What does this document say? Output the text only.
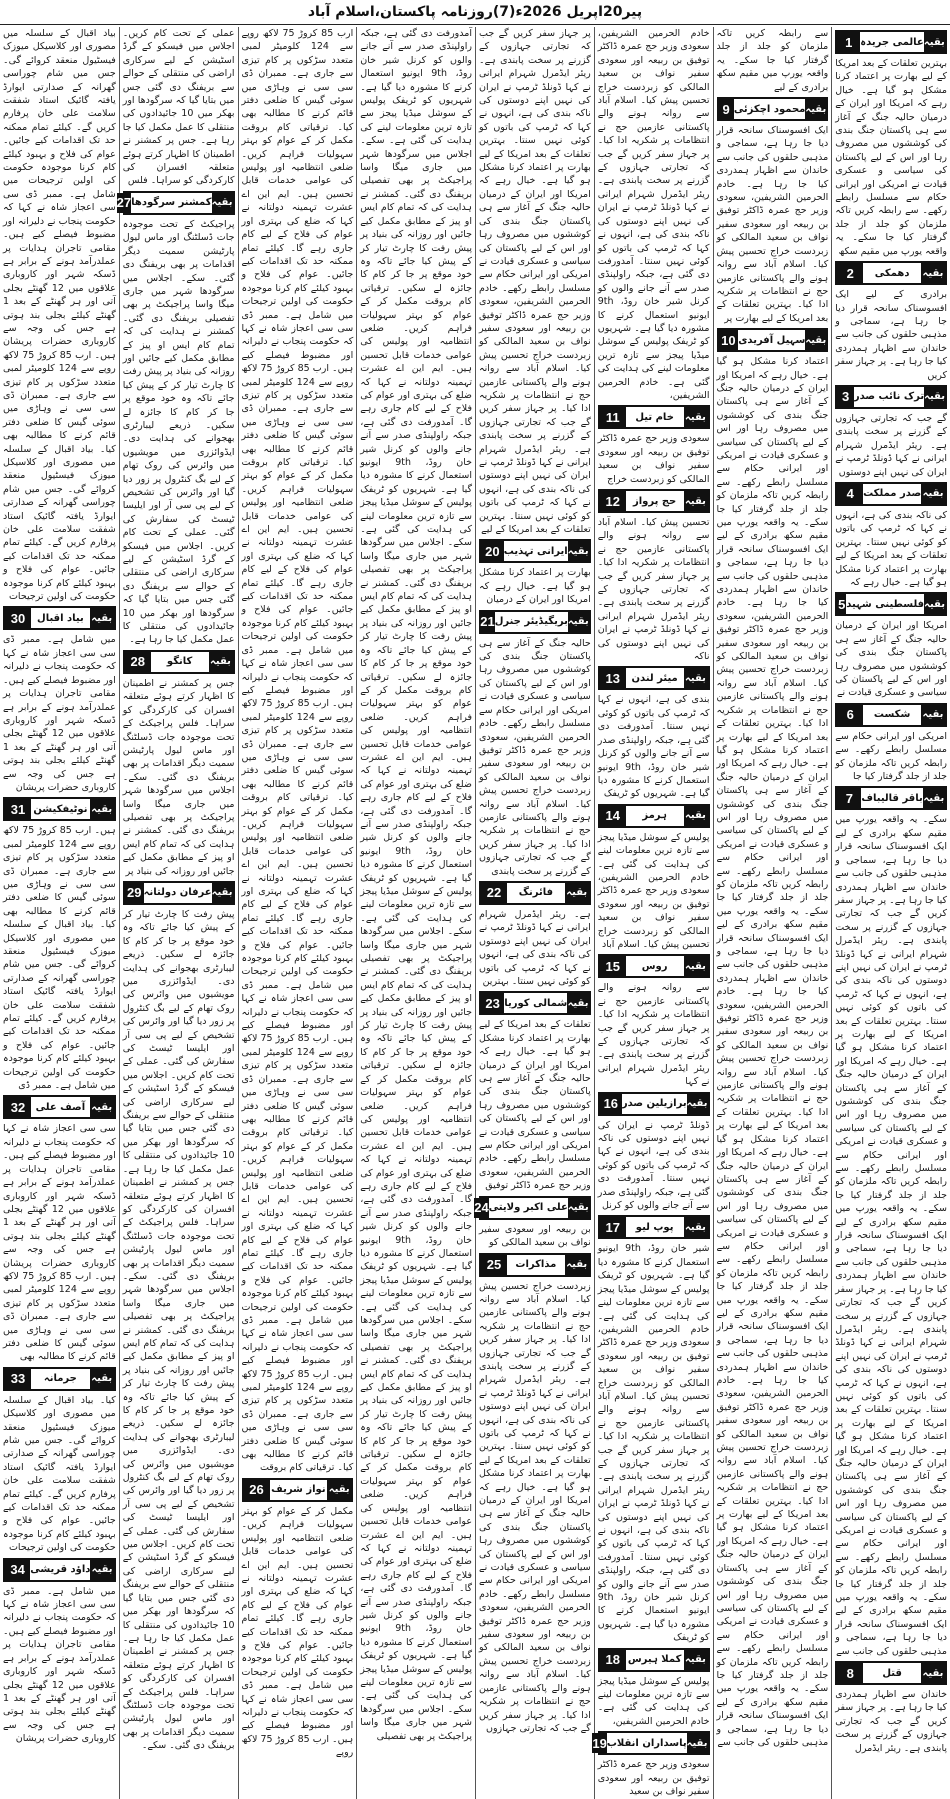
پیر20اپریل 2026ء(7)روزنامہ پاکستان،اسلام آباد
بقیہ
عالمی جریدہ
1
بہترین تعلقات کے بعد امریکا کے لیے بھارت پر اعتماد کرنا مشکل ہو گیا ہے۔ خیال رہے کہ امریکا اور ایران کے درمیان حالیہ جنگ کے آغاز سے ہی پاکستان جنگ بندی کی کوششوں میں مصروف رہا اور اس کے لیے پاکستان کی سیاسی و عسکری قیادت نے امریکی اور ایرانی حکام سے مسلسل رابطے رکھے۔ سے رابطہ کریں تاکہ ملزمان کو جلد از جلد گرفتار کیا جا سکے۔ یہ واقعہ یورپ میں مقیم سکھ
بقیہ
دھمکی
2
برادری کے لیے ایک افسوسناک سانحہ قرار دیا جا رہا ہے، سماجی و مذہبی حلقوں کی جانب سے خاندان سے اظہار ہمدردی کیا جا رہا ہے۔ پر جہاز سفر کریں
بقیہ
ترک نائب صدر
3
گے جب کہ تجارتی جہازوں کے گزرنے پر سخت پابندی ہے۔ ریئر ایڈمرل شہرام ایرانی نے کہا ڈونلڈ ٹرمپ نے ایران کی نہیں اپنے دوستوں
بقیہ
صدر مملکت
4
کی ناکہ بندی کی ہے، انہوں نے کہا کہ ٹرمپ کی باتوں کو کوئی نہیں سنتا۔ بہترین تعلقات کے بعد امریکا کے لیے بھارت پر اعتماد کرنا مشکل ہو گیا ہے۔ خیال رہے کہ
بقیہ
فلسطینی شہید
5
امریکا اور ایران کے درمیان حالیہ جنگ کے آغاز سے ہی پاکستان جنگ بندی کی کوششوں میں مصروف رہا اور اس کے لیے پاکستان کی سیاسی و عسکری قیادت نے
بقیہ
شکست
6
امریکی اور ایرانی حکام سے مسلسل رابطے رکھے۔ سے رابطہ کریں تاکہ ملزمان کو جلد از جلد گرفتار کیا جا
بقیہ
باقر قالیباف
7
سکے۔ یہ واقعہ یورپ میں مقیم سکھ برادری کے لیے ایک افسوسناک سانحہ قرار دیا جا رہا ہے، سماجی و مذہبی حلقوں کی جانب سے خاندان سے اظہار ہمدردی کیا جا رہا ہے۔ پر جہاز سفر کریں گے جب کہ تجارتی جہازوں کے گزرنے پر سخت پابندی ہے۔ ریئر ایڈمرل شہرام ایرانی نے کہا ڈونلڈ ٹرمپ نے ایران کی نہیں اپنے دوستوں کی ناکہ بندی کی ہے، انہوں نے کہا کہ ٹرمپ کی باتوں کو کوئی نہیں سنتا۔ بہترین تعلقات کے بعد امریکا کے لیے بھارت پر اعتماد کرنا مشکل ہو گیا ہے۔ خیال رہے کہ امریکا اور ایران کے درمیان حالیہ جنگ کے آغاز سے ہی پاکستان جنگ بندی کی کوششوں میں مصروف رہا اور اس کے لیے پاکستان کی سیاسی و عسکری قیادت نے امریکی اور ایرانی حکام سے مسلسل رابطے رکھے۔ سے رابطہ کریں تاکہ ملزمان کو جلد از جلد گرفتار کیا جا سکے۔ یہ واقعہ یورپ میں مقیم سکھ برادری کے لیے ایک افسوسناک سانحہ قرار دیا جا رہا ہے، سماجی و مذہبی حلقوں کی جانب سے خاندان سے اظہار ہمدردی کیا جا رہا ہے۔ پر جہاز سفر کریں گے جب کہ تجارتی جہازوں کے گزرنے پر سخت پابندی ہے۔ ریئر ایڈمرل شہرام ایرانی نے کہا ڈونلڈ ٹرمپ نے ایران کی نہیں اپنے دوستوں کی ناکہ بندی کی ہے، انہوں نے کہا کہ ٹرمپ کی باتوں کو کوئی نہیں سنتا۔ بہترین تعلقات کے بعد امریکا کے لیے بھارت پر اعتماد کرنا مشکل ہو گیا ہے۔ خیال رہے کہ امریکا اور ایران کے درمیان حالیہ جنگ کے آغاز سے ہی پاکستان جنگ بندی کی کوششوں میں مصروف رہا اور اس کے لیے پاکستان کی سیاسی و عسکری قیادت نے امریکی اور ایرانی حکام سے مسلسل رابطے رکھے۔ سے رابطہ کریں تاکہ ملزمان کو جلد از جلد گرفتار کیا جا سکے۔ یہ واقعہ یورپ میں مقیم سکھ برادری کے لیے ایک افسوسناک سانحہ قرار دیا جا رہا ہے، سماجی و مذہبی حلقوں کی جانب سے
بقیہ
قتل
8
خاندان سے اظہار ہمدردی کیا جا رہا ہے۔ پر جہاز سفر کریں گے جب کہ تجارتی جہازوں کے گزرنے پر سخت پابندی ہے۔ ریئر ایڈمرل
سے رابطہ کریں تاکہ ملزمان کو جلد از جلد گرفتار کیا جا سکے۔ یہ واقعہ یورپ میں مقیم سکھ برادری کے لیے
بقیہ
محمود اچکزئی
9
ایک افسوسناک سانحہ قرار دیا جا رہا ہے، سماجی و مذہبی حلقوں کی جانب سے خاندان سے اظہار ہمدردی کیا جا رہا ہے۔ خادم الحرمین الشریفین، سعودی وزیر حج عمرہ ڈاکٹر توفیق بن ربیعہ اور سعودی سفیر نواف بن سعید المالکی کو زبردست خراج تحسین پیش کیا۔ اسلام آباد سے روانہ ہونے والے پاکستانی عازمین حج نے انتظامات پر شکریہ ادا کیا۔ بہترین تعلقات کے بعد امریکا کے لیے بھارت پر
بقیہ
سہیل آفریدی
10
اعتماد کرنا مشکل ہو گیا ہے۔ خیال رہے کہ امریکا اور ایران کے درمیان حالیہ جنگ کے آغاز سے ہی پاکستان جنگ بندی کی کوششوں میں مصروف رہا اور اس کے لیے پاکستان کی سیاسی و عسکری قیادت نے امریکی اور ایرانی حکام سے مسلسل رابطے رکھے۔ سے رابطہ کریں تاکہ ملزمان کو جلد از جلد گرفتار کیا جا سکے۔ یہ واقعہ یورپ میں مقیم سکھ برادری کے لیے ایک افسوسناک سانحہ قرار دیا جا رہا ہے، سماجی و مذہبی حلقوں کی جانب سے خاندان سے اظہار ہمدردی کیا جا رہا ہے۔ خادم الحرمین الشریفین، سعودی وزیر حج عمرہ ڈاکٹر توفیق بن ربیعہ اور سعودی سفیر نواف بن سعید المالکی کو زبردست خراج تحسین پیش کیا۔ اسلام آباد سے روانہ ہونے والے پاکستانی عازمین حج نے انتظامات پر شکریہ ادا کیا۔ بہترین تعلقات کے بعد امریکا کے لیے بھارت پر اعتماد کرنا مشکل ہو گیا ہے۔ خیال رہے کہ امریکا اور ایران کے درمیان حالیہ جنگ کے آغاز سے ہی پاکستان جنگ بندی کی کوششوں میں مصروف رہا اور اس کے لیے پاکستان کی سیاسی و عسکری قیادت نے امریکی اور ایرانی حکام سے مسلسل رابطے رکھے۔ سے رابطہ کریں تاکہ ملزمان کو جلد از جلد گرفتار کیا جا سکے۔ یہ واقعہ یورپ میں مقیم سکھ برادری کے لیے ایک افسوسناک سانحہ قرار دیا جا رہا ہے، سماجی و مذہبی حلقوں کی جانب سے خاندان سے اظہار ہمدردی کیا جا رہا ہے۔ خادم الحرمین الشریفین، سعودی وزیر حج عمرہ ڈاکٹر توفیق بن ربیعہ اور سعودی سفیر نواف بن سعید المالکی کو زبردست خراج تحسین پیش کیا۔ اسلام آباد سے روانہ ہونے والے پاکستانی عازمین حج نے انتظامات پر شکریہ ادا کیا۔ بہترین تعلقات کے بعد امریکا کے لیے بھارت پر اعتماد کرنا مشکل ہو گیا ہے۔ خیال رہے کہ امریکا اور ایران کے درمیان حالیہ جنگ کے آغاز سے ہی پاکستان جنگ بندی کی کوششوں میں مصروف رہا اور اس کے لیے پاکستان کی سیاسی و عسکری قیادت نے امریکی اور ایرانی حکام سے مسلسل رابطے رکھے۔ سے رابطہ کریں تاکہ ملزمان کو جلد از جلد گرفتار کیا جا سکے۔ یہ واقعہ یورپ میں مقیم سکھ برادری کے لیے ایک افسوسناک سانحہ قرار دیا جا رہا ہے، سماجی و مذہبی حلقوں کی جانب سے خاندان سے اظہار ہمدردی کیا جا رہا ہے۔ خادم الحرمین الشریفین، سعودی وزیر حج عمرہ ڈاکٹر توفیق بن ربیعہ اور سعودی سفیر نواف بن سعید المالکی کو زبردست خراج تحسین پیش کیا۔ اسلام آباد سے روانہ ہونے والے پاکستانی عازمین حج نے انتظامات پر شکریہ ادا کیا۔ بہترین تعلقات کے بعد امریکا کے لیے بھارت پر اعتماد کرنا مشکل ہو گیا ہے۔ خیال رہے کہ امریکا اور ایران کے درمیان حالیہ جنگ کے آغاز سے ہی پاکستان جنگ بندی کی کوششوں میں مصروف رہا اور اس کے لیے پاکستان کی سیاسی و عسکری قیادت نے امریکی اور ایرانی حکام سے مسلسل رابطے رکھے۔ سے رابطہ کریں تاکہ ملزمان کو جلد از جلد گرفتار کیا جا سکے۔ یہ واقعہ یورپ میں مقیم سکھ برادری کے لیے ایک افسوسناک سانحہ قرار دیا جا رہا ہے، سماجی و مذہبی حلقوں کی جانب سے
خادم الحرمین الشریفین، سعودی وزیر حج عمرہ ڈاکٹر توفیق بن ربیعہ اور سعودی سفیر نواف بن سعید المالکی کو زبردست خراج تحسین پیش کیا۔ اسلام آباد سے روانہ ہونے والے پاکستانی عازمین حج نے انتظامات پر شکریہ ادا کیا۔ پر جہاز سفر کریں گے جب کہ تجارتی جہازوں کے گزرنے پر سخت پابندی ہے۔ ریئر ایڈمرل شہرام ایرانی نے کہا ڈونلڈ ٹرمپ نے ایران کی نہیں اپنے دوستوں کی ناکہ بندی کی ہے، انہوں نے کہا کہ ٹرمپ کی باتوں کو کوئی نہیں سنتا۔ آمدورفت دی گئی ہے، جبکہ راولپنڈی صدر سے آنے جانے والوں کو کرنل شیر خان روڈ، 9th ایونیو استعمال کرنے کا مشورہ دیا گیا ہے۔ شہریوں کو ٹریفک پولیس کے سوشل میڈیا پیجز سے تازہ ترین معلومات لینے کی ہدایت کی گئی ہے۔ خادم الحرمین الشریفین،
بقیہ
خام تیل
11
سعودی وزیر حج عمرہ ڈاکٹر توفیق بن ربیعہ اور سعودی سفیر نواف بن سعید المالکی کو زبردست خراج
بقیہ
حج پرواز
12
تحسین پیش کیا۔ اسلام آباد سے روانہ ہونے والے پاکستانی عازمین حج نے انتظامات پر شکریہ ادا کیا۔ پر جہاز سفر کریں گے جب کہ تجارتی جہازوں کے گزرنے پر سخت پابندی ہے۔ ریئر ایڈمرل شہرام ایرانی نے کہا ڈونلڈ ٹرمپ نے ایران کی نہیں اپنے دوستوں کی ناکہ
بقیہ
میئر لندن
13
بندی کی ہے، انہوں نے کہا کہ ٹرمپ کی باتوں کو کوئی نہیں سنتا۔ آمدورفت دی گئی ہے، جبکہ راولپنڈی صدر سے آنے جانے والوں کو کرنل شیر خان روڈ، 9th ایونیو استعمال کرنے کا مشورہ دیا گیا ہے۔ شہریوں کو ٹریفک
بقیہ
ہرمز
14
پولیس کے سوشل میڈیا پیجز سے تازہ ترین معلومات لینے کی ہدایت کی گئی ہے۔ خادم الحرمین الشریفین، سعودی وزیر حج عمرہ ڈاکٹر توفیق بن ربیعہ اور سعودی سفیر نواف بن سعید المالکی کو زبردست خراج تحسین پیش کیا۔ اسلام آباد
بقیہ
روس
15
سے روانہ ہونے والے پاکستانی عازمین حج نے انتظامات پر شکریہ ادا کیا۔ پر جہاز سفر کریں گے جب کہ تجارتی جہازوں کے گزرنے پر سخت پابندی ہے۔ ریئر ایڈمرل شہرام ایرانی نے کہا
بقیہ
برازیلین صدر
16
ڈونلڈ ٹرمپ نے ایران کی نہیں اپنے دوستوں کی ناکہ بندی کی ہے، انہوں نے کہا کہ ٹرمپ کی باتوں کو کوئی نہیں سنتا۔ آمدورفت دی گئی ہے، جبکہ راولپنڈی صدر سے آنے جانے والوں کو کرنل
بقیہ
پوپ لیو
17
شیر خان روڈ، 9th ایونیو استعمال کرنے کا مشورہ دیا گیا ہے۔ شہریوں کو ٹریفک پولیس کے سوشل میڈیا پیجز سے تازہ ترین معلومات لینے کی ہدایت کی گئی ہے۔ خادم الحرمین الشریفین، سعودی وزیر حج عمرہ ڈاکٹر توفیق بن ربیعہ اور سعودی سفیر نواف بن سعید المالکی کو زبردست خراج تحسین پیش کیا۔ اسلام آباد سے روانہ ہونے والے پاکستانی عازمین حج نے انتظامات پر شکریہ ادا کیا۔ پر جہاز سفر کریں گے جب کہ تجارتی جہازوں کے گزرنے پر سخت پابندی ہے۔ ریئر ایڈمرل شہرام ایرانی نے کہا ڈونلڈ ٹرمپ نے ایران کی نہیں اپنے دوستوں کی ناکہ بندی کی ہے، انہوں نے کہا کہ ٹرمپ کی باتوں کو کوئی نہیں سنتا۔ آمدورفت دی گئی ہے، جبکہ راولپنڈی صدر سے آنے جانے والوں کو کرنل شیر خان روڈ، 9th ایونیو استعمال کرنے کا مشورہ دیا گیا ہے۔ شہریوں کو ٹریفک
بقیہ
کملا ہیرس
18
پولیس کے سوشل میڈیا پیجز سے تازہ ترین معلومات لینے کی ہدایت کی گئی ہے۔ خادم الحرمین الشریفین،
بقیہ
پاسداران انقلاب
19
سعودی وزیر حج عمرہ ڈاکٹر توفیق بن ربیعہ اور سعودی سفیر نواف بن سعید
پر جہاز سفر کریں گے جب کہ تجارتی جہازوں کے گزرنے پر سخت پابندی ہے۔ ریئر ایڈمرل شہرام ایرانی نے کہا ڈونلڈ ٹرمپ نے ایران کی نہیں اپنے دوستوں کی ناکہ بندی کی ہے، انہوں نے کہا کہ ٹرمپ کی باتوں کو کوئی نہیں سنتا۔ بہترین تعلقات کے بعد امریکا کے لیے بھارت پر اعتماد کرنا مشکل ہو گیا ہے۔ خیال رہے کہ امریکا اور ایران کے درمیان حالیہ جنگ کے آغاز سے ہی پاکستان جنگ بندی کی کوششوں میں مصروف رہا اور اس کے لیے پاکستان کی سیاسی و عسکری قیادت نے امریکی اور ایرانی حکام سے مسلسل رابطے رکھے۔ خادم الحرمین الشریفین، سعودی وزیر حج عمرہ ڈاکٹر توفیق بن ربیعہ اور سعودی سفیر نواف بن سعید المالکی کو زبردست خراج تحسین پیش کیا۔ اسلام آباد سے روانہ ہونے والے پاکستانی عازمین حج نے انتظامات پر شکریہ ادا کیا۔ پر جہاز سفر کریں گے جب کہ تجارتی جہازوں کے گزرنے پر سخت پابندی ہے۔ ریئر ایڈمرل شہرام ایرانی نے کہا ڈونلڈ ٹرمپ نے ایران کی نہیں اپنے دوستوں کی ناکہ بندی کی ہے، انہوں نے کہا کہ ٹرمپ کی باتوں کو کوئی نہیں سنتا۔ بہترین تعلقات کے بعد امریکا کے لیے
بقیہ
ایرانی تہذیب
20
بھارت پر اعتماد کرنا مشکل ہو گیا ہے۔ خیال رہے کہ امریکا اور ایران کے درمیان
بقیہ
بریگیڈیئر جنرل
21
حالیہ جنگ کے آغاز سے ہی پاکستان جنگ بندی کی کوششوں میں مصروف رہا اور اس کے لیے پاکستان کی سیاسی و عسکری قیادت نے امریکی اور ایرانی حکام سے مسلسل رابطے رکھے۔ خادم الحرمین الشریفین، سعودی وزیر حج عمرہ ڈاکٹر توفیق بن ربیعہ اور سعودی سفیر نواف بن سعید المالکی کو زبردست خراج تحسین پیش کیا۔ اسلام آباد سے روانہ ہونے والے پاکستانی عازمین حج نے انتظامات پر شکریہ ادا کیا۔ پر جہاز سفر کریں گے جب کہ تجارتی جہازوں کے گزرنے پر سخت پابندی
بقیہ
فائرنگ
22
ہے۔ ریئر ایڈمرل شہرام ایرانی نے کہا ڈونلڈ ٹرمپ نے ایران کی نہیں اپنے دوستوں کی ناکہ بندی کی ہے، انہوں نے کہا کہ ٹرمپ کی باتوں کو کوئی نہیں سنتا۔ بہترین
بقیہ
شمالی کوریا
23
تعلقات کے بعد امریکا کے لیے بھارت پر اعتماد کرنا مشکل ہو گیا ہے۔ خیال رہے کہ امریکا اور ایران کے درمیان حالیہ جنگ کے آغاز سے ہی پاکستان جنگ بندی کی کوششوں میں مصروف رہا اور اس کے لیے پاکستان کی سیاسی و عسکری قیادت نے امریکی اور ایرانی حکام سے مسلسل رابطے رکھے۔ خادم الحرمین الشریفین، سعودی وزیر حج عمرہ ڈاکٹر توفیق
بقیہ
علی اکبر ولایتی
24
بن ربیعہ اور سعودی سفیر نواف بن سعید المالکی کو
بقیہ
مذاکرات
25
زبردست خراج تحسین پیش کیا۔ اسلام آباد سے روانہ ہونے والے پاکستانی عازمین حج نے انتظامات پر شکریہ ادا کیا۔ پر جہاز سفر کریں گے جب کہ تجارتی جہازوں کے گزرنے پر سخت پابندی ہے۔ ریئر ایڈمرل شہرام ایرانی نے کہا ڈونلڈ ٹرمپ نے ایران کی نہیں اپنے دوستوں کی ناکہ بندی کی ہے، انہوں نے کہا کہ ٹرمپ کی باتوں کو کوئی نہیں سنتا۔ بہترین تعلقات کے بعد امریکا کے لیے بھارت پر اعتماد کرنا مشکل ہو گیا ہے۔ خیال رہے کہ امریکا اور ایران کے درمیان حالیہ جنگ کے آغاز سے ہی پاکستان جنگ بندی کی کوششوں میں مصروف رہا اور اس کے لیے پاکستان کی سیاسی و عسکری قیادت نے امریکی اور ایرانی حکام سے مسلسل رابطے رکھے۔ خادم الحرمین الشریفین، سعودی وزیر حج عمرہ ڈاکٹر توفیق بن ربیعہ اور سعودی سفیر نواف بن سعید المالکی کو زبردست خراج تحسین پیش کیا۔ اسلام آباد سے روانہ ہونے والے پاکستانی عازمین حج نے انتظامات پر شکریہ ادا کیا۔ پر جہاز سفر کریں گے جب کہ تجارتی جہازوں
آمدورفت دی گئی ہے، جبکہ راولپنڈی صدر سے آنے جانے والوں کو کرنل شیر خان روڈ، 9th ایونیو استعمال کرنے کا مشورہ دیا گیا ہے۔ شہریوں کو ٹریفک پولیس کے سوشل میڈیا پیجز سے تازہ ترین معلومات لینے کی ہدایت کی گئی ہے۔ سکے۔ اجلاس میں سرگودھا شہر میں جاری میگا واسا پراجیکٹ پر بھی تفصیلی بریفنگ دی گئی۔ کمشنر نے ہدایت کی کہ تمام کام ایس او پیز کے مطابق مکمل کیے جائیں اور روزانہ کی بنیاد پر پیش رفت کا چارٹ تیار کر کے پیش کیا جائے تاکہ وہ خود موقع پر جا کر کام کا جائزہ لے سکیں۔ ترقیاتی کام بروقت مکمل کر کے عوام کو بہتر سہولیات فراہم کریں۔ ضلعی انتظامیہ اور پولیس کی عوامی خدمات قابل تحسین ہیں۔ ایم این اے عشرت تہمینہ دولتانہ نے کہا کہ ضلع کی بہتری اور عوام کی فلاح کے لیے کام جاری رہے گا۔ آمدورفت دی گئی ہے، جبکہ راولپنڈی صدر سے آنے جانے والوں کو کرنل شیر خان روڈ، 9th ایونیو استعمال کرنے کا مشورہ دیا گیا ہے۔ شہریوں کو ٹریفک پولیس کے سوشل میڈیا پیجز سے تازہ ترین معلومات لینے کی ہدایت کی گئی ہے۔ سکے۔ اجلاس میں سرگودھا شہر میں جاری میگا واسا پراجیکٹ پر بھی تفصیلی بریفنگ دی گئی۔ کمشنر نے ہدایت کی کہ تمام کام ایس او پیز کے مطابق مکمل کیے جائیں اور روزانہ کی بنیاد پر پیش رفت کا چارٹ تیار کر کے پیش کیا جائے تاکہ وہ خود موقع پر جا کر کام کا جائزہ لے سکیں۔ ترقیاتی کام بروقت مکمل کر کے عوام کو بہتر سہولیات فراہم کریں۔ ضلعی انتظامیہ اور پولیس کی عوامی خدمات قابل تحسین ہیں۔ ایم این اے عشرت تہمینہ دولتانہ نے کہا کہ ضلع کی بہتری اور عوام کی فلاح کے لیے کام جاری رہے گا۔ آمدورفت دی گئی ہے، جبکہ راولپنڈی صدر سے آنے جانے والوں کو کرنل شیر خان روڈ، 9th ایونیو استعمال کرنے کا مشورہ دیا گیا ہے۔ شہریوں کو ٹریفک پولیس کے سوشل میڈیا پیجز سے تازہ ترین معلومات لینے کی ہدایت کی گئی ہے۔ سکے۔ اجلاس میں سرگودھا شہر میں جاری میگا واسا پراجیکٹ پر بھی تفصیلی بریفنگ دی گئی۔ کمشنر نے ہدایت کی کہ تمام کام ایس او پیز کے مطابق مکمل کیے جائیں اور روزانہ کی بنیاد پر پیش رفت کا چارٹ تیار کر کے پیش کیا جائے تاکہ وہ خود موقع پر جا کر کام کا جائزہ لے سکیں۔ ترقیاتی کام بروقت مکمل کر کے عوام کو بہتر سہولیات فراہم کریں۔ ضلعی انتظامیہ اور پولیس کی عوامی خدمات قابل تحسین ہیں۔ ایم این اے عشرت تہمینہ دولتانہ نے کہا کہ ضلع کی بہتری اور عوام کی فلاح کے لیے کام جاری رہے گا۔ آمدورفت دی گئی ہے، جبکہ راولپنڈی صدر سے آنے جانے والوں کو کرنل شیر خان روڈ، 9th ایونیو استعمال کرنے کا مشورہ دیا گیا ہے۔ شہریوں کو ٹریفک پولیس کے سوشل میڈیا پیجز سے تازہ ترین معلومات لینے کی ہدایت کی گئی ہے۔ سکے۔ اجلاس میں سرگودھا شہر میں جاری میگا واسا پراجیکٹ پر بھی تفصیلی بریفنگ دی گئی۔ کمشنر نے ہدایت کی کہ تمام کام ایس او پیز کے مطابق مکمل کیے جائیں اور روزانہ کی بنیاد پر پیش رفت کا چارٹ تیار کر کے پیش کیا جائے تاکہ وہ خود موقع پر جا کر کام کا جائزہ لے سکیں۔ ترقیاتی کام بروقت مکمل کر کے عوام کو بہتر سہولیات فراہم کریں۔ ضلعی انتظامیہ اور پولیس کی عوامی خدمات قابل تحسین ہیں۔ ایم این اے عشرت تہمینہ دولتانہ نے کہا کہ ضلع کی بہتری اور عوام کی فلاح کے لیے کام جاری رہے گا۔ آمدورفت دی گئی ہے، جبکہ راولپنڈی صدر سے آنے جانے والوں کو کرنل شیر خان روڈ، 9th ایونیو استعمال کرنے کا مشورہ دیا گیا ہے۔ شہریوں کو ٹریفک پولیس کے سوشل میڈیا پیجز سے تازہ ترین معلومات لینے کی ہدایت کی گئی ہے۔ سکے۔ اجلاس میں سرگودھا شہر میں جاری میگا واسا پراجیکٹ پر بھی تفصیلی
ارب 85 کروڑ 75 لاکھ روپے سے 124 کلومیٹر لمبی متعدد سڑکوں پر کام تیزی سے جاری ہے۔ ممبران ڈی سی سی نے وہاڑی میں سوئی گیس کا ضلعی دفتر قائم کرنے کا مطالبہ بھی کیا۔ ترقیاتی کام بروقت مکمل کر کے عوام کو بہتر سہولیات فراہم کریں۔ ضلعی انتظامیہ اور پولیس کی عوامی خدمات قابل تحسین ہیں۔ ایم این اے عشرت تہمینہ دولتانہ نے کہا کہ ضلع کی بہتری اور عوام کی فلاح کے لیے کام جاری رہے گا۔ کیلئے تمام ممکنہ حد تک اقدامات کیے جائیں۔ عوام کی فلاح و بہبود کیلئے کام کرنا موجودہ حکومت کی اولین ترجیحات میں شامل ہے۔ ممبر ڈی سی سی اعجاز شاہ نے کہا کہ حکومت پنجاب نے دلیرانہ اور مضبوط فیصلے کیے ہیں۔ ارب 85 کروڑ 75 لاکھ روپے سے 124 کلومیٹر لمبی متعدد سڑکوں پر کام تیزی سے جاری ہے۔ ممبران ڈی سی سی نے وہاڑی میں سوئی گیس کا ضلعی دفتر قائم کرنے کا مطالبہ بھی کیا۔ ترقیاتی کام بروقت مکمل کر کے عوام کو بہتر سہولیات فراہم کریں۔ ضلعی انتظامیہ اور پولیس کی عوامی خدمات قابل تحسین ہیں۔ ایم این اے عشرت تہمینہ دولتانہ نے کہا کہ ضلع کی بہتری اور عوام کی فلاح کے لیے کام جاری رہے گا۔ کیلئے تمام ممکنہ حد تک اقدامات کیے جائیں۔ عوام کی فلاح و بہبود کیلئے کام کرنا موجودہ حکومت کی اولین ترجیحات میں شامل ہے۔ ممبر ڈی سی سی اعجاز شاہ نے کہا کہ حکومت پنجاب نے دلیرانہ اور مضبوط فیصلے کیے ہیں۔ ارب 85 کروڑ 75 لاکھ روپے سے 124 کلومیٹر لمبی متعدد سڑکوں پر کام تیزی سے جاری ہے۔ ممبران ڈی سی سی نے وہاڑی میں سوئی گیس کا ضلعی دفتر قائم کرنے کا مطالبہ بھی کیا۔ ترقیاتی کام بروقت مکمل کر کے عوام کو بہتر سہولیات فراہم کریں۔ ضلعی انتظامیہ اور پولیس کی عوامی خدمات قابل تحسین ہیں۔ ایم این اے عشرت تہمینہ دولتانہ نے کہا کہ ضلع کی بہتری اور عوام کی فلاح کے لیے کام جاری رہے گا۔ کیلئے تمام ممکنہ حد تک اقدامات کیے جائیں۔ عوام کی فلاح و بہبود کیلئے کام کرنا موجودہ حکومت کی اولین ترجیحات میں شامل ہے۔ ممبر ڈی سی سی اعجاز شاہ نے کہا کہ حکومت پنجاب نے دلیرانہ اور مضبوط فیصلے کیے ہیں۔ ارب 85 کروڑ 75 لاکھ روپے سے 124 کلومیٹر لمبی متعدد سڑکوں پر کام تیزی سے جاری ہے۔ ممبران ڈی سی سی نے وہاڑی میں سوئی گیس کا ضلعی دفتر قائم کرنے کا مطالبہ بھی کیا۔ ترقیاتی کام بروقت مکمل کر کے عوام کو بہتر سہولیات فراہم کریں۔ ضلعی انتظامیہ اور پولیس کی عوامی خدمات قابل تحسین ہیں۔ ایم این اے عشرت تہمینہ دولتانہ نے کہا کہ ضلع کی بہتری اور عوام کی فلاح کے لیے کام جاری رہے گا۔ کیلئے تمام ممکنہ حد تک اقدامات کیے جائیں۔ عوام کی فلاح و بہبود کیلئے کام کرنا موجودہ حکومت کی اولین ترجیحات میں شامل ہے۔ ممبر ڈی سی سی اعجاز شاہ نے کہا کہ حکومت پنجاب نے دلیرانہ اور مضبوط فیصلے کیے ہیں۔ ارب 85 کروڑ 75 لاکھ روپے سے 124 کلومیٹر لمبی متعدد سڑکوں پر کام تیزی سے جاری ہے۔ ممبران ڈی سی سی نے وہاڑی میں سوئی گیس کا ضلعی دفتر قائم کرنے کا مطالبہ بھی کیا۔ ترقیاتی کام بروقت
بقیہ
نواز شریف
26
مکمل کر کے عوام کو بہتر سہولیات فراہم کریں۔ ضلعی انتظامیہ اور پولیس کی عوامی خدمات قابل تحسین ہیں۔ ایم این اے عشرت تہمینہ دولتانہ نے کہا کہ ضلع کی بہتری اور عوام کی فلاح کے لیے کام جاری رہے گا۔ کیلئے تمام ممکنہ حد تک اقدامات کیے جائیں۔ عوام کی فلاح و بہبود کیلئے کام کرنا موجودہ حکومت کی اولین ترجیحات میں شامل ہے۔ ممبر ڈی سی سی اعجاز شاہ نے کہا کہ حکومت پنجاب نے دلیرانہ اور مضبوط فیصلے کیے ہیں۔ ارب 85 کروڑ 75 لاکھ روپے
عملی کے تحت کام کریں۔ اجلاس میں فیسکو کے گرڈ اسٹیشن کے لیے سرکاری اراضی کی منتقلی کے حوالے سے بریفنگ دی گئی جس میں بتایا گیا کہ سرگودھا اور بھکر میں 10 جائیدادوں کی منتقلی کا عمل مکمل کیا جا رہا ہے۔ جس پر کمشنر نے اطمینان کا اظہار کرتے ہوئے متعلقہ افسران کی کارکردگی کو سراہا۔ فلس
بقیہ
کمشنر سرگودھا
27
پراجیکٹ کے تحت موجودہ جات ڈسلٹنگ اور ماس لیول پارٹیشن سمیت دیگر اقدامات پر بھی بریفنگ دی گئی۔ سکے۔ اجلاس میں سرگودھا شہر میں جاری میگا واسا پراجیکٹ پر بھی تفصیلی بریفنگ دی گئی۔ کمشنر نے ہدایت کی کہ تمام کام ایس او پیز کے مطابق مکمل کیے جائیں اور روزانہ کی بنیاد پر پیش رفت کا چارٹ تیار کر کے پیش کیا جائے تاکہ وہ خود موقع پر جا کر کام کا جائزہ لے سکیں۔ ذریعے لیبارٹری بھجوانے کی ہدایت دی۔ ایڈوائزری میں مویشیوں میں وائرس کی روک تھام کے لیے بگ کنٹرول پر زور دیا گیا اور وائرس کی تشخیص کے لیے پی سی آر اور ایلیسا ٹیسٹ کی سفارش کی گئی۔ عملی کے تحت کام کریں۔ اجلاس میں فیسکو کے گرڈ اسٹیشن کے لیے سرکاری اراضی کی منتقلی کے حوالے سے بریفنگ دی گئی جس میں بتایا گیا کہ سرگودھا اور بھکر میں 10 جائیدادوں کی منتقلی کا عمل مکمل کیا جا رہا ہے۔
بقیہ
کانگو
28
جس پر کمشنر نے اطمینان کا اظہار کرتے ہوئے متعلقہ افسران کی کارکردگی کو سراہا۔ فلس پراجیکٹ کے تحت موجودہ جات ڈسلٹنگ اور ماس لیول پارٹیشن سمیت دیگر اقدامات پر بھی بریفنگ دی گئی۔ سکے۔ اجلاس میں سرگودھا شہر میں جاری میگا واسا پراجیکٹ پر بھی تفصیلی بریفنگ دی گئی۔ کمشنر نے ہدایت کی کہ تمام کام ایس او پیز کے مطابق مکمل کیے جائیں اور روزانہ کی بنیاد پر
بقیہ
عرفان دولتانہ
29
پیش رفت کا چارٹ تیار کر کے پیش کیا جائے تاکہ وہ خود موقع پر جا کر کام کا جائزہ لے سکیں۔ ذریعے لیبارٹری بھجوانے کی ہدایت دی۔ ایڈوائزری میں مویشیوں میں وائرس کی روک تھام کے لیے بگ کنٹرول پر زور دیا گیا اور وائرس کی تشخیص کے لیے پی سی آر اور ایلیسا ٹیسٹ کی سفارش کی گئی۔ عملی کے تحت کام کریں۔ اجلاس میں فیسکو کے گرڈ اسٹیشن کے لیے سرکاری اراضی کی منتقلی کے حوالے سے بریفنگ دی گئی جس میں بتایا گیا کہ سرگودھا اور بھکر میں 10 جائیدادوں کی منتقلی کا عمل مکمل کیا جا رہا ہے۔ جس پر کمشنر نے اطمینان کا اظہار کرتے ہوئے متعلقہ افسران کی کارکردگی کو سراہا۔ فلس پراجیکٹ کے تحت موجودہ جات ڈسلٹنگ اور ماس لیول پارٹیشن سمیت دیگر اقدامات پر بھی بریفنگ دی گئی۔ سکے۔ اجلاس میں سرگودھا شہر میں جاری میگا واسا پراجیکٹ پر بھی تفصیلی بریفنگ دی گئی۔ کمشنر نے ہدایت کی کہ تمام کام ایس او پیز کے مطابق مکمل کیے جائیں اور روزانہ کی بنیاد پر پیش رفت کا چارٹ تیار کر کے پیش کیا جائے تاکہ وہ خود موقع پر جا کر کام کا جائزہ لے سکیں۔ ذریعے لیبارٹری بھجوانے کی ہدایت دی۔ ایڈوائزری میں مویشیوں میں وائرس کی روک تھام کے لیے بگ کنٹرول پر زور دیا گیا اور وائرس کی تشخیص کے لیے پی سی آر اور ایلیسا ٹیسٹ کی سفارش کی گئی۔ عملی کے تحت کام کریں۔ اجلاس میں فیسکو کے گرڈ اسٹیشن کے لیے سرکاری اراضی کی منتقلی کے حوالے سے بریفنگ دی گئی جس میں بتایا گیا کہ سرگودھا اور بھکر میں 10 جائیدادوں کی منتقلی کا عمل مکمل کیا جا رہا ہے۔ جس پر کمشنر نے اطمینان کا اظہار کرتے ہوئے متعلقہ افسران کی کارکردگی کو سراہا۔ فلس پراجیکٹ کے تحت موجودہ جات ڈسلٹنگ اور ماس لیول پارٹیشن سمیت دیگر اقدامات پر بھی بریفنگ دی گئی۔ سکے۔
بیاد اقبال کے سلسلہ میں مصوری اور کلاسیکل میوزک فیسٹیول منعقد کروائے گی۔ جس میں شام چوراسی گھرانہ کے صدارتی ایوارڈ یافتہ گائیک استاد شفقت سلامت علی خان پرفارم کریں گے۔ کیلئے تمام ممکنہ حد تک اقدامات کیے جائیں۔ عوام کی فلاح و بہبود کیلئے کام کرنا موجودہ حکومت کی اولین ترجیحات میں شامل ہے۔ ممبر ڈی سی سی اعجاز شاہ نے کہا کہ حکومت پنجاب نے دلیرانہ اور مضبوط فیصلے کیے ہیں۔ مقامی تاجران ہدایات پر عملدرآمد ہونے کے برابر ہے ڈسکہ شہر اور کاروباری علاقوں میں 12 گھنٹے بجلی آتی اور ہر گھنٹے کے بعد 1 گھنٹے کیلئے بجلی بند ہوتی ہے جس کی وجہ سے کاروباری حضرات پریشان ہیں۔ ارب 85 کروڑ 75 لاکھ روپے سے 124 کلومیٹر لمبی متعدد سڑکوں پر کام تیزی سے جاری ہے۔ ممبران ڈی سی سی نے وہاڑی میں سوئی گیس کا ضلعی دفتر قائم کرنے کا مطالبہ بھی کیا۔ بیاد اقبال کے سلسلہ میں مصوری اور کلاسیکل میوزک فیسٹیول منعقد کروائے گی۔ جس میں شام چوراسی گھرانہ کے صدارتی ایوارڈ یافتہ گائیک استاد شفقت سلامت علی خان پرفارم کریں گے۔ کیلئے تمام ممکنہ حد تک اقدامات کیے جائیں۔ عوام کی فلاح و بہبود کیلئے کام کرنا موجودہ حکومت کی اولین ترجیحات
بقیہ
بیاد اقبال
30
میں شامل ہے۔ ممبر ڈی سی سی اعجاز شاہ نے کہا کہ حکومت پنجاب نے دلیرانہ اور مضبوط فیصلے کیے ہیں۔ مقامی تاجران ہدایات پر عملدرآمد ہونے کے برابر ہے ڈسکہ شہر اور کاروباری علاقوں میں 12 گھنٹے بجلی آتی اور ہر گھنٹے کے بعد 1 گھنٹے کیلئے بجلی بند ہوتی ہے جس کی وجہ سے کاروباری حضرات پریشان
بقیہ
نوٹیفکیشن
31
ہیں۔ ارب 85 کروڑ 75 لاکھ روپے سے 124 کلومیٹر لمبی متعدد سڑکوں پر کام تیزی سے جاری ہے۔ ممبران ڈی سی سی نے وہاڑی میں سوئی گیس کا ضلعی دفتر قائم کرنے کا مطالبہ بھی کیا۔ بیاد اقبال کے سلسلہ میں مصوری اور کلاسیکل میوزک فیسٹیول منعقد کروائے گی۔ جس میں شام چوراسی گھرانہ کے صدارتی ایوارڈ یافتہ گائیک استاد شفقت سلامت علی خان پرفارم کریں گے۔ کیلئے تمام ممکنہ حد تک اقدامات کیے جائیں۔ عوام کی فلاح و بہبود کیلئے کام کرنا موجودہ حکومت کی اولین ترجیحات میں شامل ہے۔ ممبر ڈی
بقیہ
آصف علی
32
سی سی اعجاز شاہ نے کہا کہ حکومت پنجاب نے دلیرانہ اور مضبوط فیصلے کیے ہیں۔ مقامی تاجران ہدایات پر عملدرآمد ہونے کے برابر ہے ڈسکہ شہر اور کاروباری علاقوں میں 12 گھنٹے بجلی آتی اور ہر گھنٹے کے بعد 1 گھنٹے کیلئے بجلی بند ہوتی ہے جس کی وجہ سے کاروباری حضرات پریشان ہیں۔ ارب 85 کروڑ 75 لاکھ روپے سے 124 کلومیٹر لمبی متعدد سڑکوں پر کام تیزی سے جاری ہے۔ ممبران ڈی سی سی نے وہاڑی میں سوئی گیس کا ضلعی دفتر قائم کرنے کا مطالبہ بھی
بقیہ
جرمانہ
33
کیا۔ بیاد اقبال کے سلسلہ میں مصوری اور کلاسیکل میوزک فیسٹیول منعقد کروائے گی۔ جس میں شام چوراسی گھرانہ کے صدارتی ایوارڈ یافتہ گائیک استاد شفقت سلامت علی خان پرفارم کریں گے۔ کیلئے تمام ممکنہ حد تک اقدامات کیے جائیں۔ عوام کی فلاح و بہبود کیلئے کام کرنا موجودہ حکومت کی اولین ترجیحات
بقیہ
داؤد قریشی
34
میں شامل ہے۔ ممبر ڈی سی سی اعجاز شاہ نے کہا کہ حکومت پنجاب نے دلیرانہ اور مضبوط فیصلے کیے ہیں۔ مقامی تاجران ہدایات پر عملدرآمد ہونے کے برابر ہے ڈسکہ شہر اور کاروباری علاقوں میں 12 گھنٹے بجلی آتی اور ہر گھنٹے کے بعد 1 گھنٹے کیلئے بجلی بند ہوتی ہے جس کی وجہ سے کاروباری حضرات پریشان
